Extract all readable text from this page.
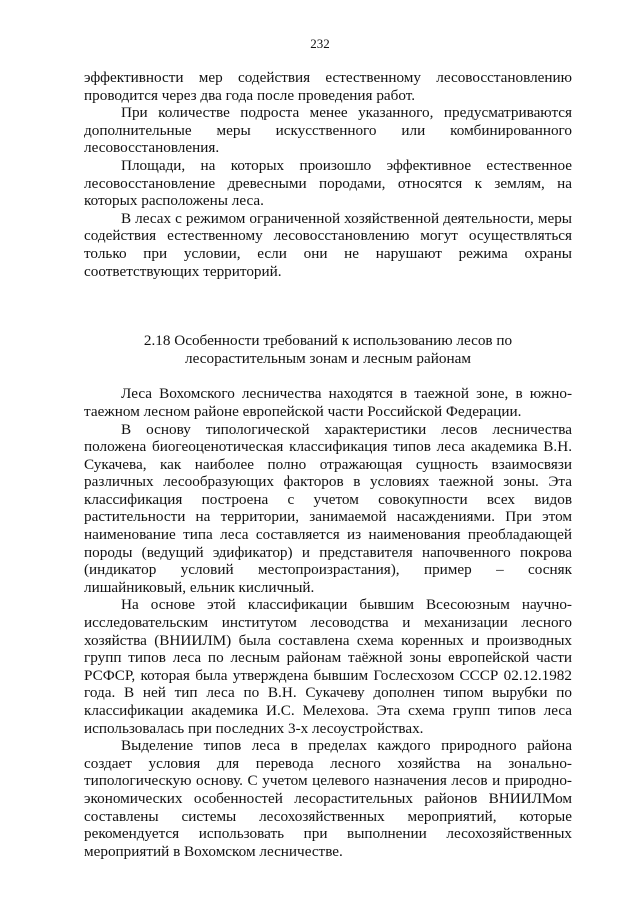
232

эффективности мер содействия естественному лесовосстановлению проводится через два года после проведения работ.

При количестве подроста менее указанного, предусматриваются дополнительные меры искусственного или комбинированного лесовосстановления.

Площади, на которых произошло эффективное естественное лесовосстановление древесными породами, относятся к землям, на которых расположены леса.

В лесах с режимом ограниченной хозяйственной деятельности, меры содействия естественному лесовосстановлению могут осуществляться только при условии, если они не нарушают режима охраны соответствующих территорий.

2.18 Особенности требований к использованию лесов по

лесорастительным зонам и лесным районам

Леса Вохомского лесничества находятся в таежной зоне, в южно-таежном лесном районе европейской части Российской Федерации.

В основу типологической характеристики лесов лесничества положена биогеоценотическая классификация типов леса академика В.Н. Сукачева, как наиболее полно отражающая сущность взаимосвязи различных лесообразующих факторов в условиях таежной зоны. Эта классификация построена с учетом совокупности всех видов растительности на территории, занимаемой насаждениями. При этом наименование типа леса составляется из наименования преобладающей породы (ведущий эдификатор) и представителя напочвенного покрова (индикатор условий местопроизрастания), пример – сосняк лишайниковый, ельник кисличный.

На основе этой классификации бывшим Всесоюзным научно-исследовательским институтом лесоводства и механизации лесного хозяйства (ВНИИЛМ) была составлена схема коренных и производных групп типов леса по лесным районам таёжной зоны европейской части РСФСР, которая была утверждена бывшим Гослесхозом СССР 02.12.1982 года. В ней тип леса по В.Н. Сукачеву дополнен типом вырубки по классификации академика И.С. Мелехова. Эта схема групп типов леса использовалась при последних 3-х лесоустройствах.

Выделение типов леса в пределах каждого природного района создает условия для перевода лесного хозяйства на зонально-типологическую основу. С учетом целевого назначения лесов и природно-экономических особенностей лесорастительных районов ВНИИЛМом составлены системы лесохозяйственных мероприятий, которые рекомендуется использовать при выполнении лесохозяйственных мероприятий в Вохомском лесничестве.
